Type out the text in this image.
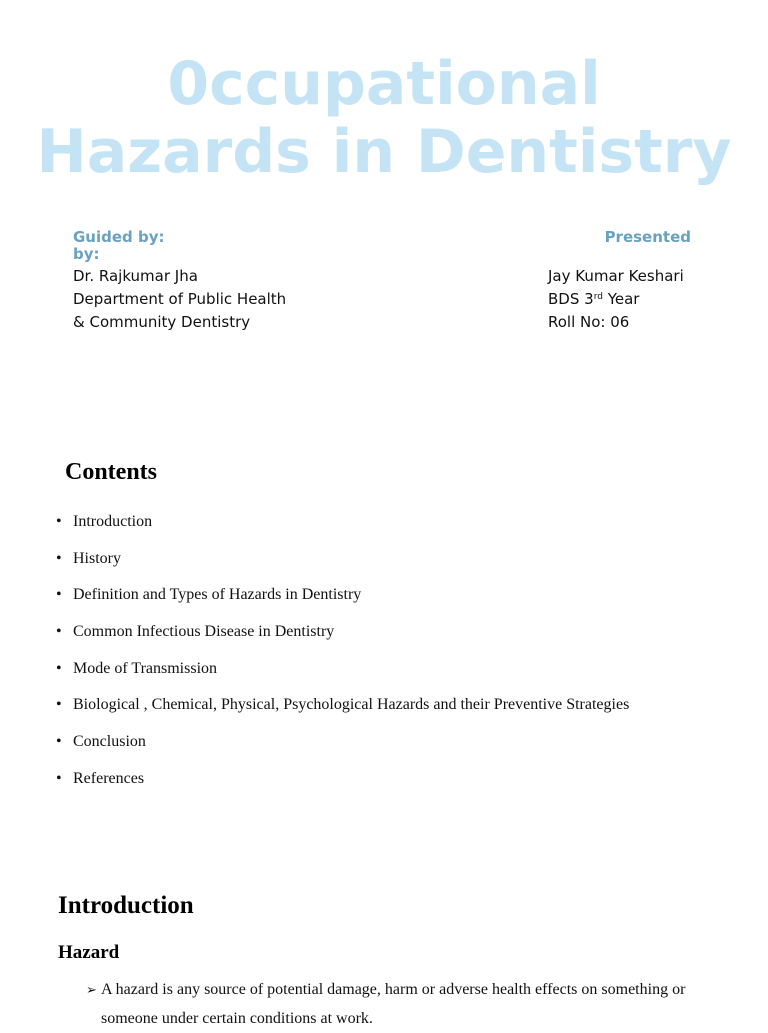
0ccupational
Hazards in Dentistry
Guided by:
by:
Presented
Dr. Rajkumar Jha
Department of Public Health
& Community Dentistry
Jay Kumar Keshari
BDS 3rd Year
Roll No: 06
Contents
• Introduction
• History
• Definition and Types of Hazards in Dentistry
• Common Infectious Disease in Dentistry
• Mode of Transmission
• Biological , Chemical, Physical, Psychological Hazards and their Preventive Strategies
• Conclusion
• References
Introduction
Hazard
➢ A hazard is any source of potential damage, harm or adverse health effects on something or someone under certain conditions at work.
